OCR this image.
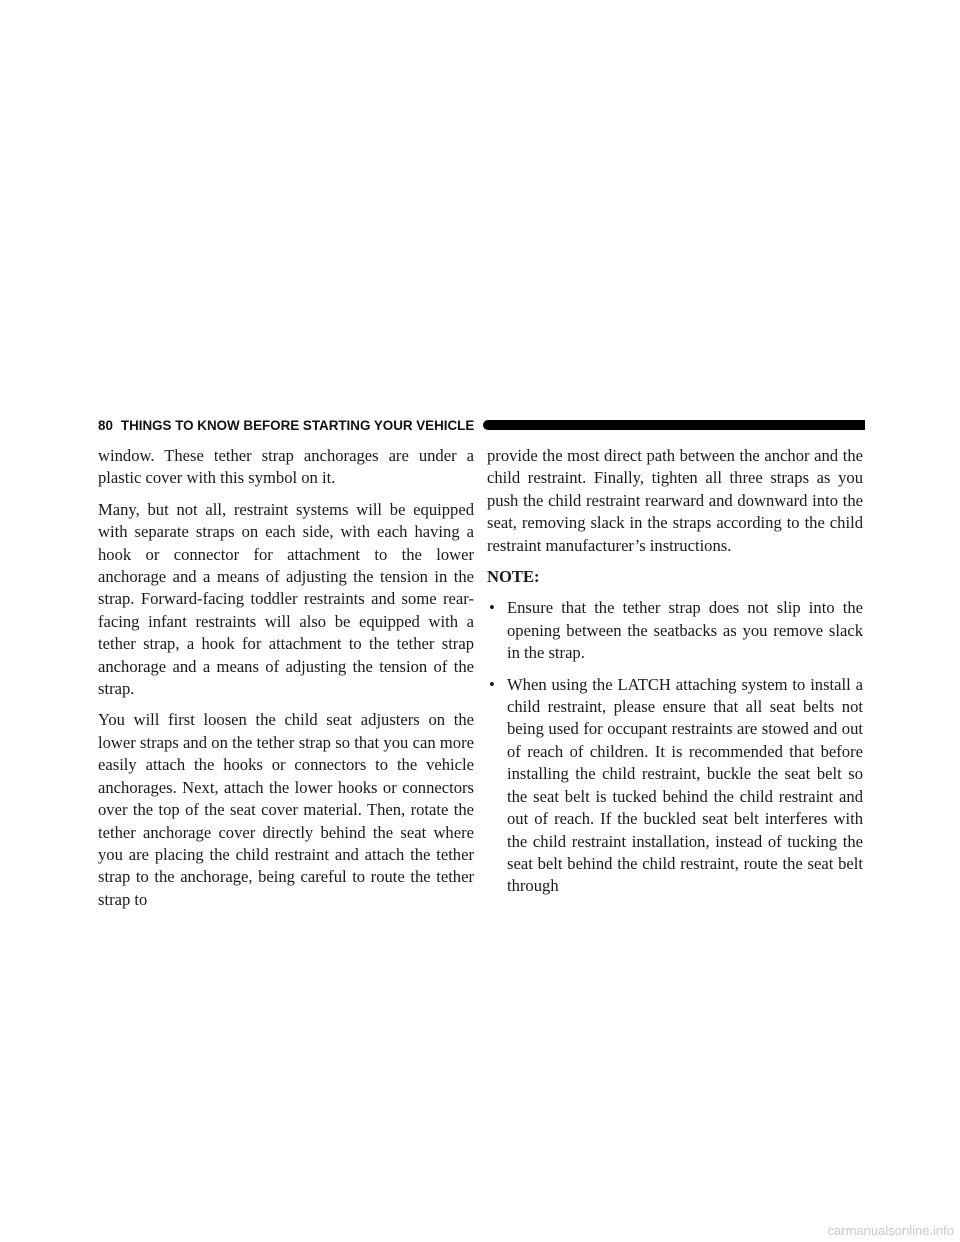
80 THINGS TO KNOW BEFORE STARTING YOUR VEHICLE

window. These tether strap anchorages are under a plastic cover with this symbol on it.

Many, but not all, restraint systems will be equipped with separate straps on each side, with each having a hook or connector for attachment to the lower anchorage and a means of adjusting the tension in the strap. Forward-facing toddler restraints and some rear-facing infant restraints will also be equipped with a tether strap, a hook for attachment to the tether strap anchorage and a means of adjusting the tension of the strap.

You will first loosen the child seat adjusters on the lower straps and on the tether strap so that you can more easily attach the hooks or connectors to the vehicle anchorages. Next, attach the lower hooks or connectors over the top of the seat cover material. Then, rotate the tether anchorage cover directly behind the seat where you are placing the child restraint and attach the tether strap to the anchorage, being careful to route the tether strap to

provide the most direct path between the anchor and the child restraint. Finally, tighten all three straps as you push the child restraint rearward and downward into the seat, removing slack in the straps according to the child restraint manufacturer’s instructions.

NOTE:

• Ensure that the tether strap does not slip into the opening between the seatbacks as you remove slack in the strap.
• When using the LATCH attaching system to install a child restraint, please ensure that all seat belts not being used for occupant restraints are stowed and out of reach of children. It is recommended that before installing the child restraint, buckle the seat belt so the seat belt is tucked behind the child restraint and out of reach. If the buckled seat belt interferes with the child restraint installation, instead of tucking the seat belt behind the child restraint, route the seat belt through
carmanualsonline.info
